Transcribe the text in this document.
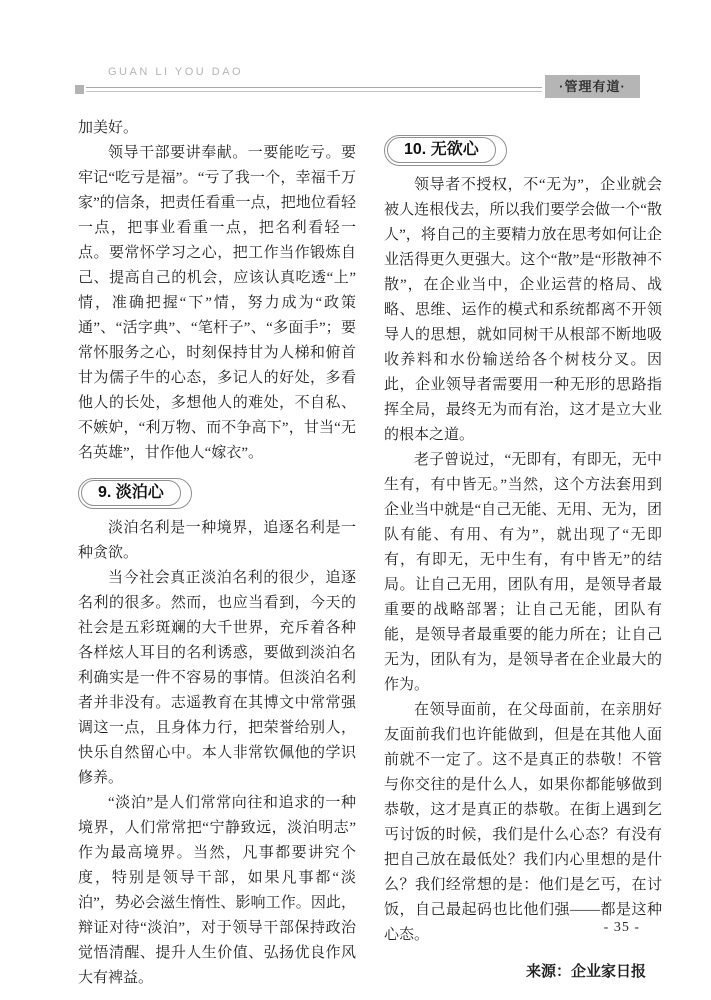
GUAN LI YOU DAO
·管理有道·

加美好。

领导干部要讲奉献。一要能吃亏。要牢记“吃亏是福”。“亏了我一个，幸福千万家”的信条，把责任看重一点，把地位看轻一点，把事业看重一点，把名利看轻一点。要常怀学习之心，把工作当作锻炼自己、提高自己的机会，应该认真吃透“上”情，准确把握“下”情，努力成为“政策通”、“活字典”、“笔杆子”、“多面手”；要常怀服务之心，时刻保持甘为人梯和俯首甘为儒子牛的心态，多记人的好处，多看他人的长处，多想他人的难处，不自私、不嫉妒，“利万物、而不争高下”，甘当“无名英雄”，甘作他人“嫁衣”。

9. 淡泊心

淡泊名利是一种境界，追逐名利是一种贪欲。

当今社会真正淡泊名利的很少，追逐名利的很多。然而，也应当看到，今天的社会是五彩斑斓的大千世界，充斥着各种各样炫人耳目的名利诱惑，要做到淡泊名利确实是一件不容易的事情。但淡泊名利者并非没有。志遥教育在其博文中常常强调这一点，且身体力行，把荣誉给别人，快乐自然留心中。本人非常钦佩他的学识修养。

“淡泊”是人们常常向往和追求的一种境界，人们常常把“宁静致远，淡泊明志”作为最高境界。当然，凡事都要讲究个度，特别是领导干部，如果凡事都“淡泊”，势必会滋生惰性、影响工作。因此，辩证对待“淡泊”，对于领导干部保持政治觉悟清醒、提升人生价值、弘扬优良作风大有裨益。

10. 无欲心

领导者不授权，不“无为”，企业就会被人连根伐去，所以我们要学会做一个“散人”，将自己的主要精力放在思考如何让企业活得更久更强大。这个“散”是“形散神不散”，在企业当中，企业运营的格局、战略、思维、运作的模式和系统都离不开领导人的思想，就如同树干从根部不断地吸收养料和水份输送给各个树枝分叉。因此，企业领导者需要用一种无形的思路指挥全局，最终无为而有治，这才是立大业的根本之道。

老子曾说过，“无即有，有即无，无中生有，有中皆无。”当然，这个方法套用到企业当中就是“自己无能、无用、无为，团队有能、有用、有为”，就出现了“无即有，有即无，无中生有，有中皆无”的结局。让自己无用，团队有用，是领导者最重要的战略部署；让自己无能，团队有能，是领导者最重要的能力所在；让自己无为，团队有为，是领导者在企业最大的作为。

在领导面前，在父母面前，在亲朋好友面前我们也许能做到，但是在其他人面前就不一定了。这不是真正的恭敬！不管与你交往的是什么人，如果你都能够做到恭敬，这才是真正的恭敬。在街上遇到乞丐讨饭的时候，我们是什么心态？有没有把自己放在最低处？我们内心里想的是什么？我们经常想的是：他们是乞丐，在讨饭，自己最起码也比他们强——都是这种心态。

来源：企业家日报

- 35 -
